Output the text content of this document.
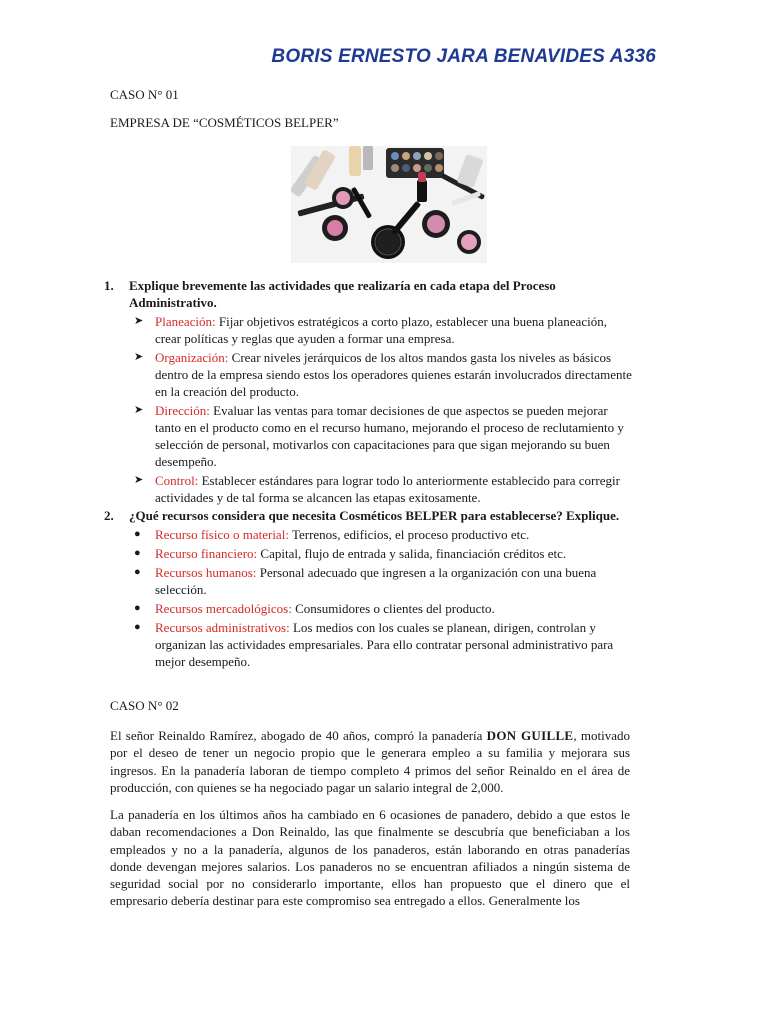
BORIS ERNESTO JARA BENAVIDES A336
CASO N° 01
EMPRESA DE “COSMÉTICOS BELPER”
1.	Explique brevemente las actividades que realizaría en cada etapa del Proceso Administrativo.
➤ Planeación: Fijar objetivos estratégicos a corto plazo, establecer una buena planeación, crear políticas y reglas que ayuden a formar una empresa.
➤ Organización: Crear niveles jerárquicos de los altos mandos gasta los niveles as básicos dentro de la empresa siendo estos los operadores quienes estarán involucrados directamente en la creación del producto.
➤ Dirección: Evaluar las ventas para tomar decisiones de que aspectos se pueden mejorar tanto en el producto como en el recurso humano, mejorando el proceso de reclutamiento y selección de personal, motivarlos con capacitaciones para que sigan mejorando su buen desempeño.
➤ Control: Establecer estándares para lograr todo lo anteriormente establecido para corregir actividades y de tal forma se alcancen las etapas exitosamente.
2.	¿Qué recursos considera que necesita Cosméticos BELPER para establecerse? Explique.
●	Recurso físico o material: Terrenos, edificios, el proceso productivo etc.
●	Recurso financiero: Capital, flujo de entrada y salida, financiación créditos etc.
●	Recursos humanos: Personal adecuado que ingresen a la organización con una buena selección.
●	Recursos mercadológicos: Consumidores o clientes del producto.
●	Recursos administrativos: Los medios con los cuales se planean, dirigen, controlan y organizan las actividades empresariales. Para ello contratar personal administrativo para mejor desempeño.
CASO N° 02
El señor Reinaldo Ramírez, abogado de 40 años, compró la panadería DON GUILLE, motivado por el deseo de tener un negocio propio que le generara empleo a su familia y mejorara sus ingresos. En la panadería laboran de tiempo completo 4 primos del señor Reinaldo en el área de producción, con quienes se ha negociado pagar un salario integral de 2,000.
La panadería en los últimos años ha cambiado en 6 ocasiones de panadero, debido a que estos le daban recomendaciones a Don Reinaldo, las que finalmente se descubría que beneficiaban a los empleados y no a la panadería, algunos de los panaderos, están laborando en otras panaderías donde devengan mejores salarios. Los panaderos no se encuentran afiliados a ningún sistema de seguridad social por no considerarlo importante, ellos han propuesto que el dinero que el empresario debería destinar para este compromiso sea entregado a ellos. Generalmente los
